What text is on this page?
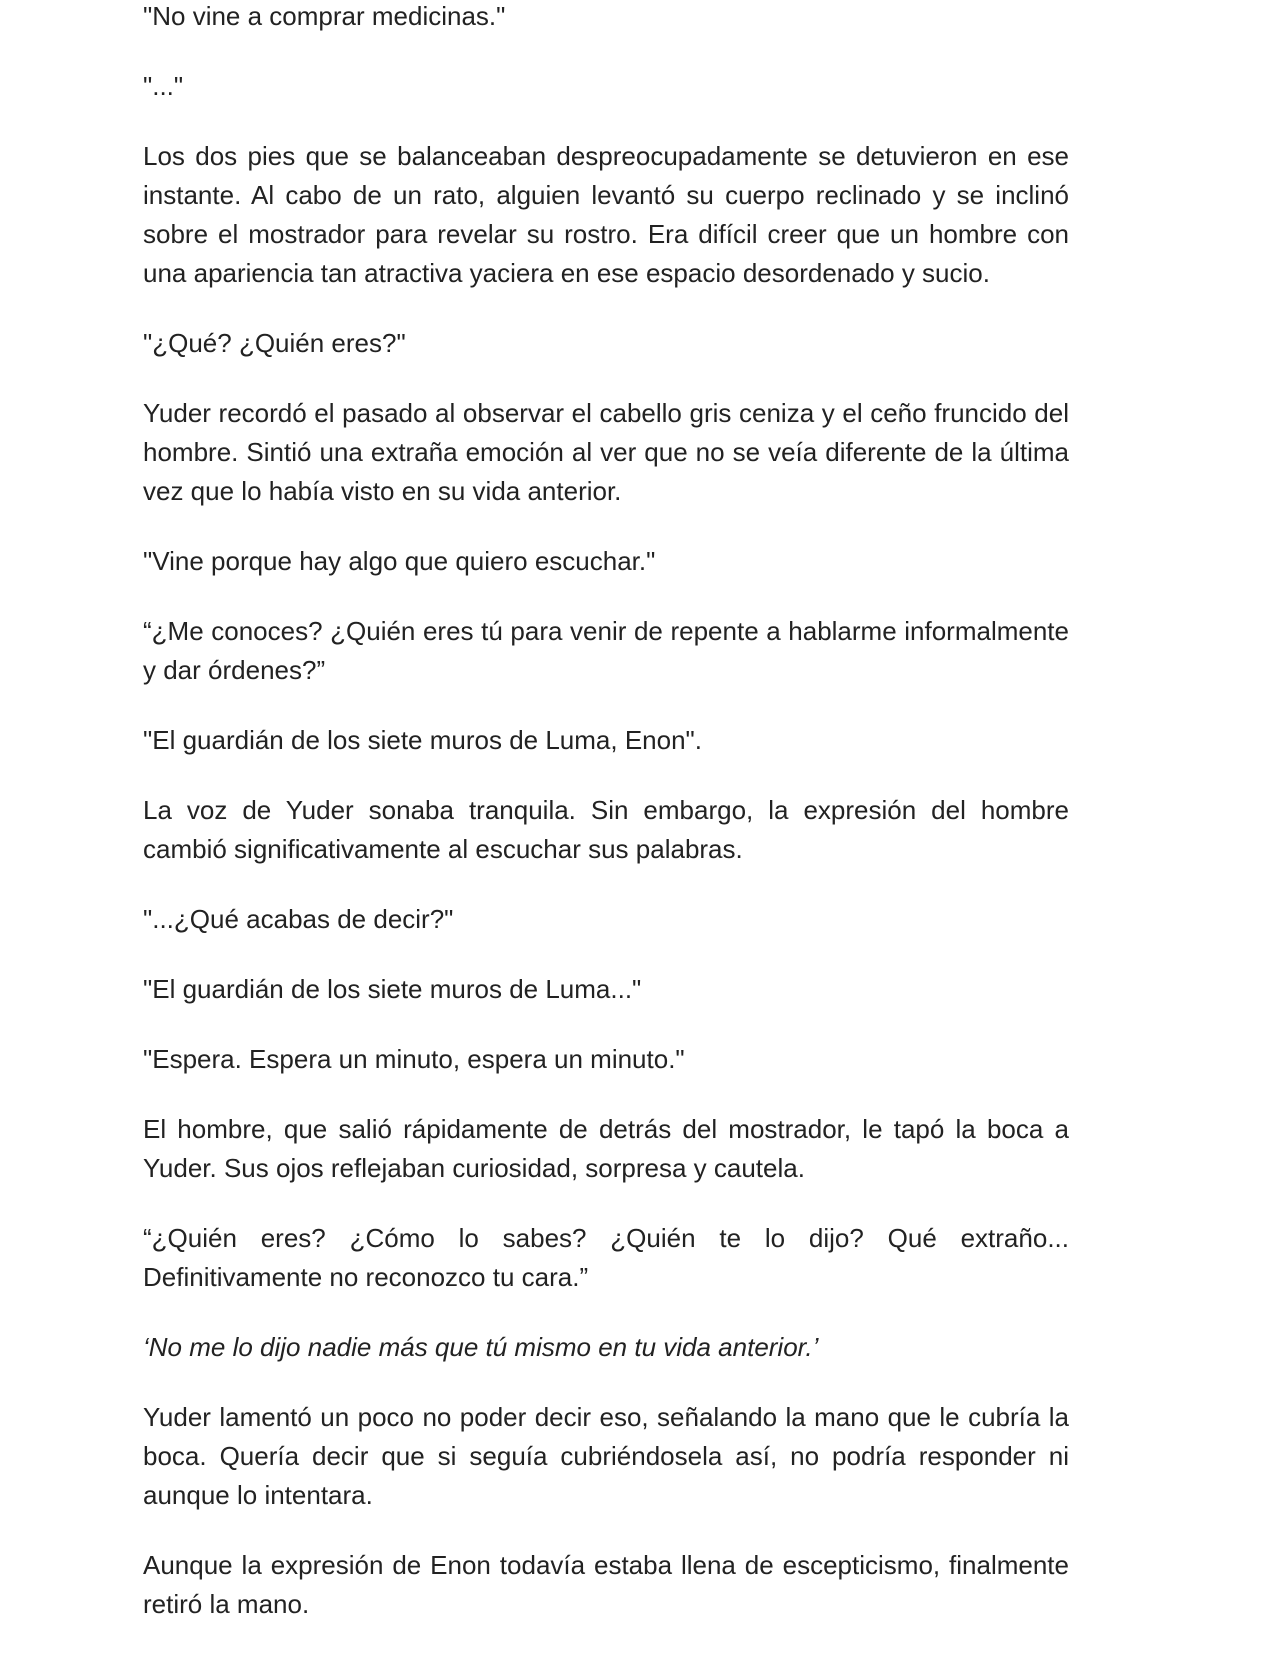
"No vine a comprar medicinas."

"..."

Los dos pies que se balanceaban despreocupadamente se detuvieron en ese instante. Al cabo de un rato, alguien levantó su cuerpo reclinado y se inclinó sobre el mostrador para revelar su rostro. Era difícil creer que un hombre con una apariencia tan atractiva yaciera en ese espacio desordenado y sucio.

"¿Qué? ¿Quién eres?"

Yuder recordó el pasado al observar el cabello gris ceniza y el ceño fruncido del hombre. Sintió una extraña emoción al ver que no se veía diferente de la última vez que lo había visto en su vida anterior.

"Vine porque hay algo que quiero escuchar."

“¿Me conoces? ¿Quién eres tú para venir de repente a hablarme informalmente y dar órdenes?”

"El guardián de los siete muros de Luma, Enon".

La voz de Yuder sonaba tranquila. Sin embargo, la expresión del hombre cambió significativamente al escuchar sus palabras.

"...¿Qué acabas de decir?"

"El guardián de los siete muros de Luma..."

"Espera. Espera un minuto, espera un minuto."

El hombre, que salió rápidamente de detrás del mostrador, le tapó la boca a Yuder. Sus ojos reflejaban curiosidad, sorpresa y cautela.

“¿Quién eres? ¿Cómo lo sabes? ¿Quién te lo dijo? Qué extraño... Definitivamente no reconozco tu cara.”

‘No me lo dijo nadie más que tú mismo en tu vida anterior.’

Yuder lamentó un poco no poder decir eso, señalando la mano que le cubría la boca. Quería decir que si seguía cubriéndosela así, no podría responder ni aunque lo intentara.

Aunque la expresión de Enon todavía estaba llena de escepticismo, finalmente retiró la mano.
